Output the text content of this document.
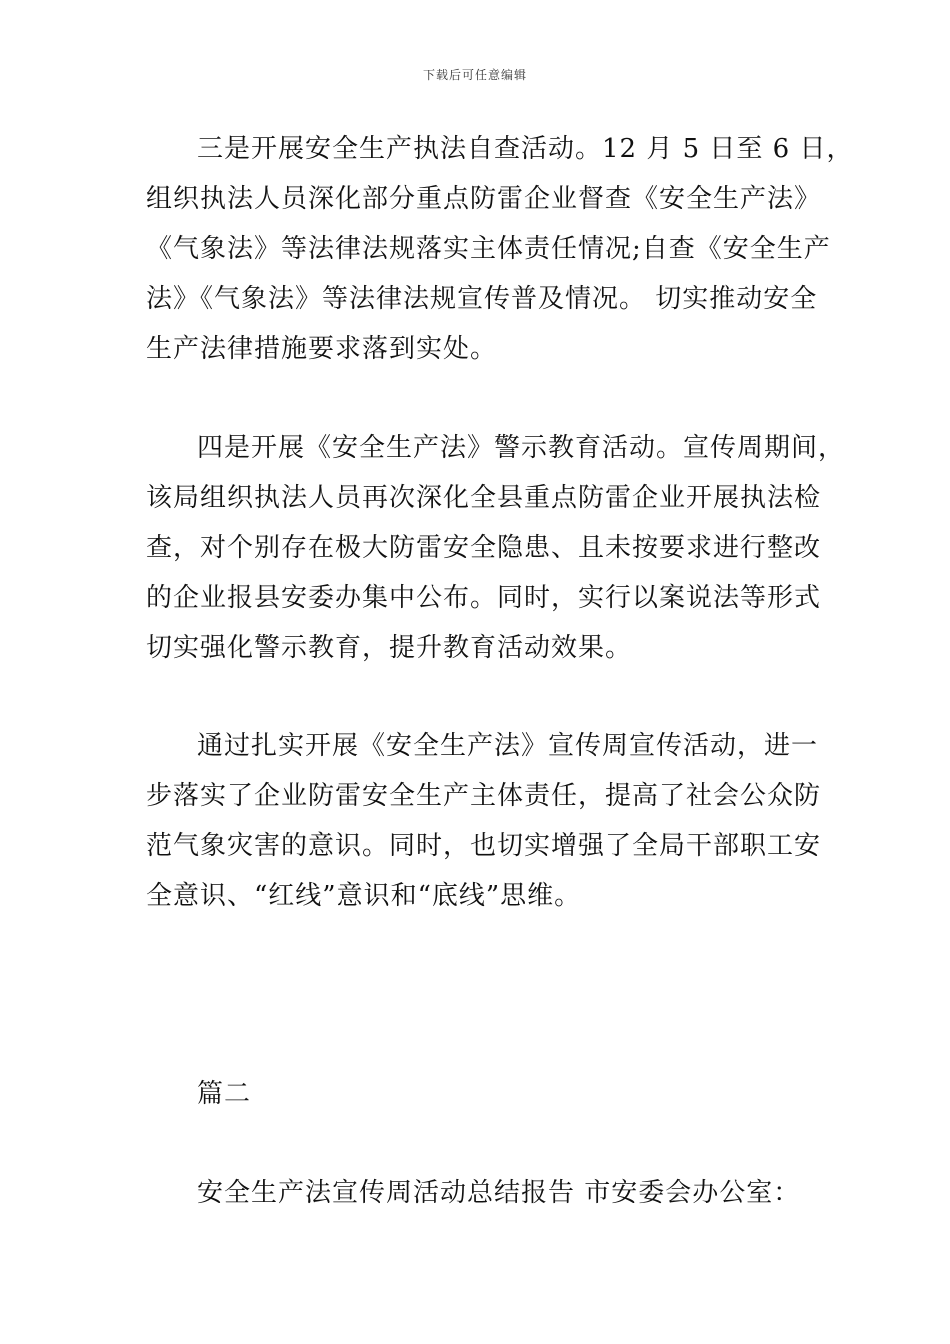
下载后可任意编辑
三是开展安全生产执法自查活动。12 月 5 日至 6 日，
组织执法人员深化部分重点防雷企业督查《安全生产法》
《气象法》等法律法规落实主体责任情况;自查《安全生产
法》《气象法》等法律法规宣传普及情况。 切实推动安全
生产法律措施要求落到实处。
四是开展《安全生产法》警示教育活动。宣传周期间，
该局组织执法人员再次深化全县重点防雷企业开展执法检
查，对个别存在极大防雷安全隐患、且未按要求进行整改
的企业报县安委办集中公布。同时，实行以案说法等形式
切实强化警示教育，提升教育活动效果。
通过扎实开展《安全生产法》宣传周宣传活动，进一
步落实了企业防雷安全生产主体责任，提高了社会公众防
范气象灾害的意识。同时，也切实增强了全局干部职工安
全意识、“红线”意识和“底线”思维。
篇二
安全生产法宣传周活动总结报告 市安委会办公室：
